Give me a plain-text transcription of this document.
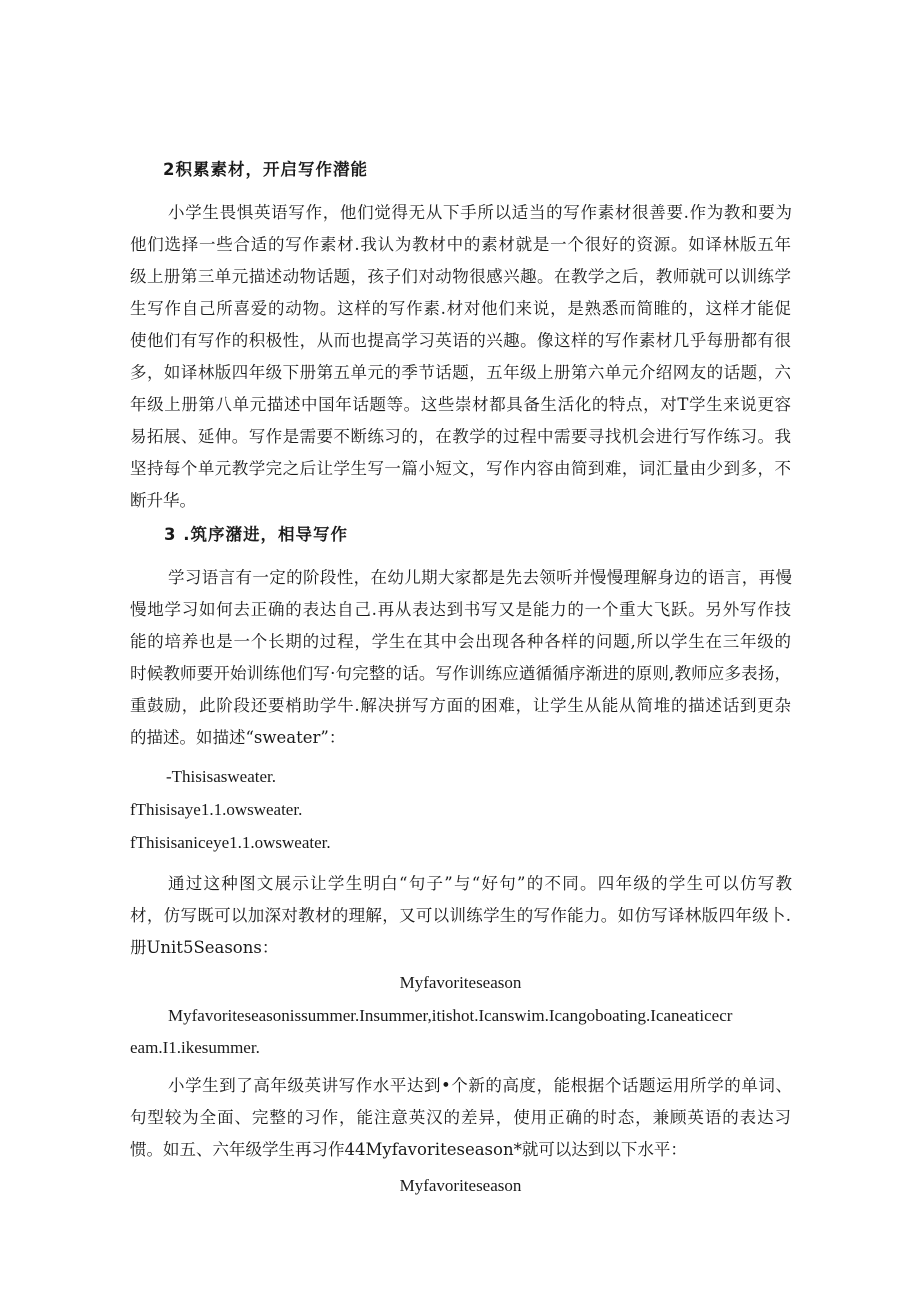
2积累素材，开启写作潜能
小学生畏惧英语写作，他们觉得无从下手所以适当的写作素材很善要.作为教和要为
他们选择一些合适的写作素材.我认为教材中的素材就是一个很好的资源。如译林版五年
级上册第三单元描述动物话题，孩子们对动物很感兴趣。在教学之后，教师就可以训练学
生写作自己所喜爱的动物。这样的写作素.材对他们来说，是熟悉而简睢的，这样才能促
使他们有写作的积极性，从而也提高学习英语的兴趣。像这样的写作素材几乎每册都有很
多，如译林版四年级下册第五单元的季节话题，五年级上册第六单元介绍网友的话题，六
年级上册第八单元描述中国年话题等。这些崇材都具备生活化的特点，对T学生来说更容
易拓展、延伸。写作是需要不断练习的，在教学的过程中需要寻找机会进行写作练习。我
坚持每个单元教学完之后让学生写一篇小短文，写作内容由简到难，词汇量由少到多，不
断升华。
3 .筑序潴进，相导写作
学习语言有一定的阶段性，在幼儿期大家都是先去领听并慢慢理解身边的语言，再慢
慢地学习如何去正确的表达自己.再从表达到书写又是能力的一个重大飞跃。另外写作技
能的培养也是一个长期的过程，学生在其中会出现各种各样的问题,所以学生在三年级的
时候教师要开始训练他们写·句完整的话。写作训练应遒循循序渐进的原则,教师应多表扬，
重鼓励，此阶段还要梢助学牛.解决拼写方面的困难，让学生从能从简堆的描述话到更杂
的描述。如描述“sweater”：
-Thisisasweater.
fThisisaye1.1.owsweater.
fThisisaniceye1.1.owsweater.
通过这种图文展示让学生明白“句子”与“好句”的不同。四年级的学生可以仿写教
材，仿写既可以加深对教材的理解，又可以训练学生的写作能力。如仿写译林版四年级卜.
册Unit5Seasons：
Myfavoriteseason
Myfavoriteseasonissummer.Insummer,itishot.Icanswim.Icangoboating.Icaneaticecr
eam.I1.ikesummer.
小学生到了高年级英讲写作水平达到•个新的高度，能根据个话题运用所学的单词、
句型较为全面、完整的习作，能注意英汉的差异，使用正确的时态，兼顾英语的表达习
惯。如五、六年级学生再习作44Myfavoriteseason*就可以达到以下水平：
Myfavoriteseason
